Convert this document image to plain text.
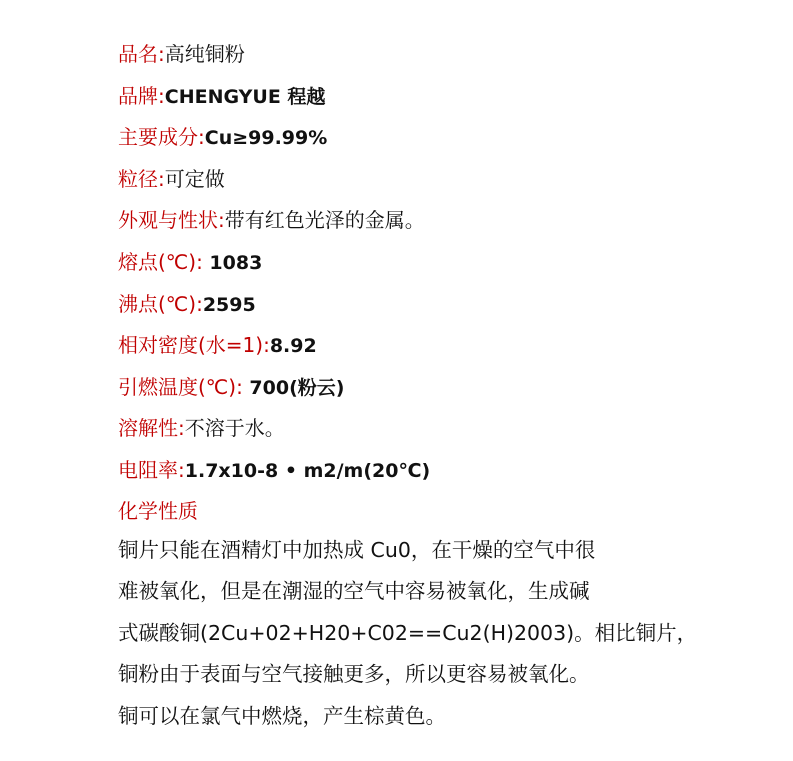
品名:高纯铜粉
品牌:CHENGYUE 程越
主要成分:Cu≥99.99%
粒径:可定做
外观与性状:带有红色光泽的金属。
熔点(℃): 1083
沸点(℃):2595
相对密度(水=1):8.92
引燃温度(℃): 700(粉云)
溶解性:不溶于水。
电阻率:1.7x10-8 • m2/m(20℃)
化学性质
铜片只能在酒精灯中加热成 Cu0，在干燥的空气中很
难被氧化，但是在潮湿的空气中容易被氧化，生成碱
式碳酸铜(2Cu+02+H20+C02==Cu2(H)2003)。相比铜片，
铜粉由于表面与空气接触更多，所以更容易被氧化。
铜可以在氯气中燃烧，产生棕黄色。
